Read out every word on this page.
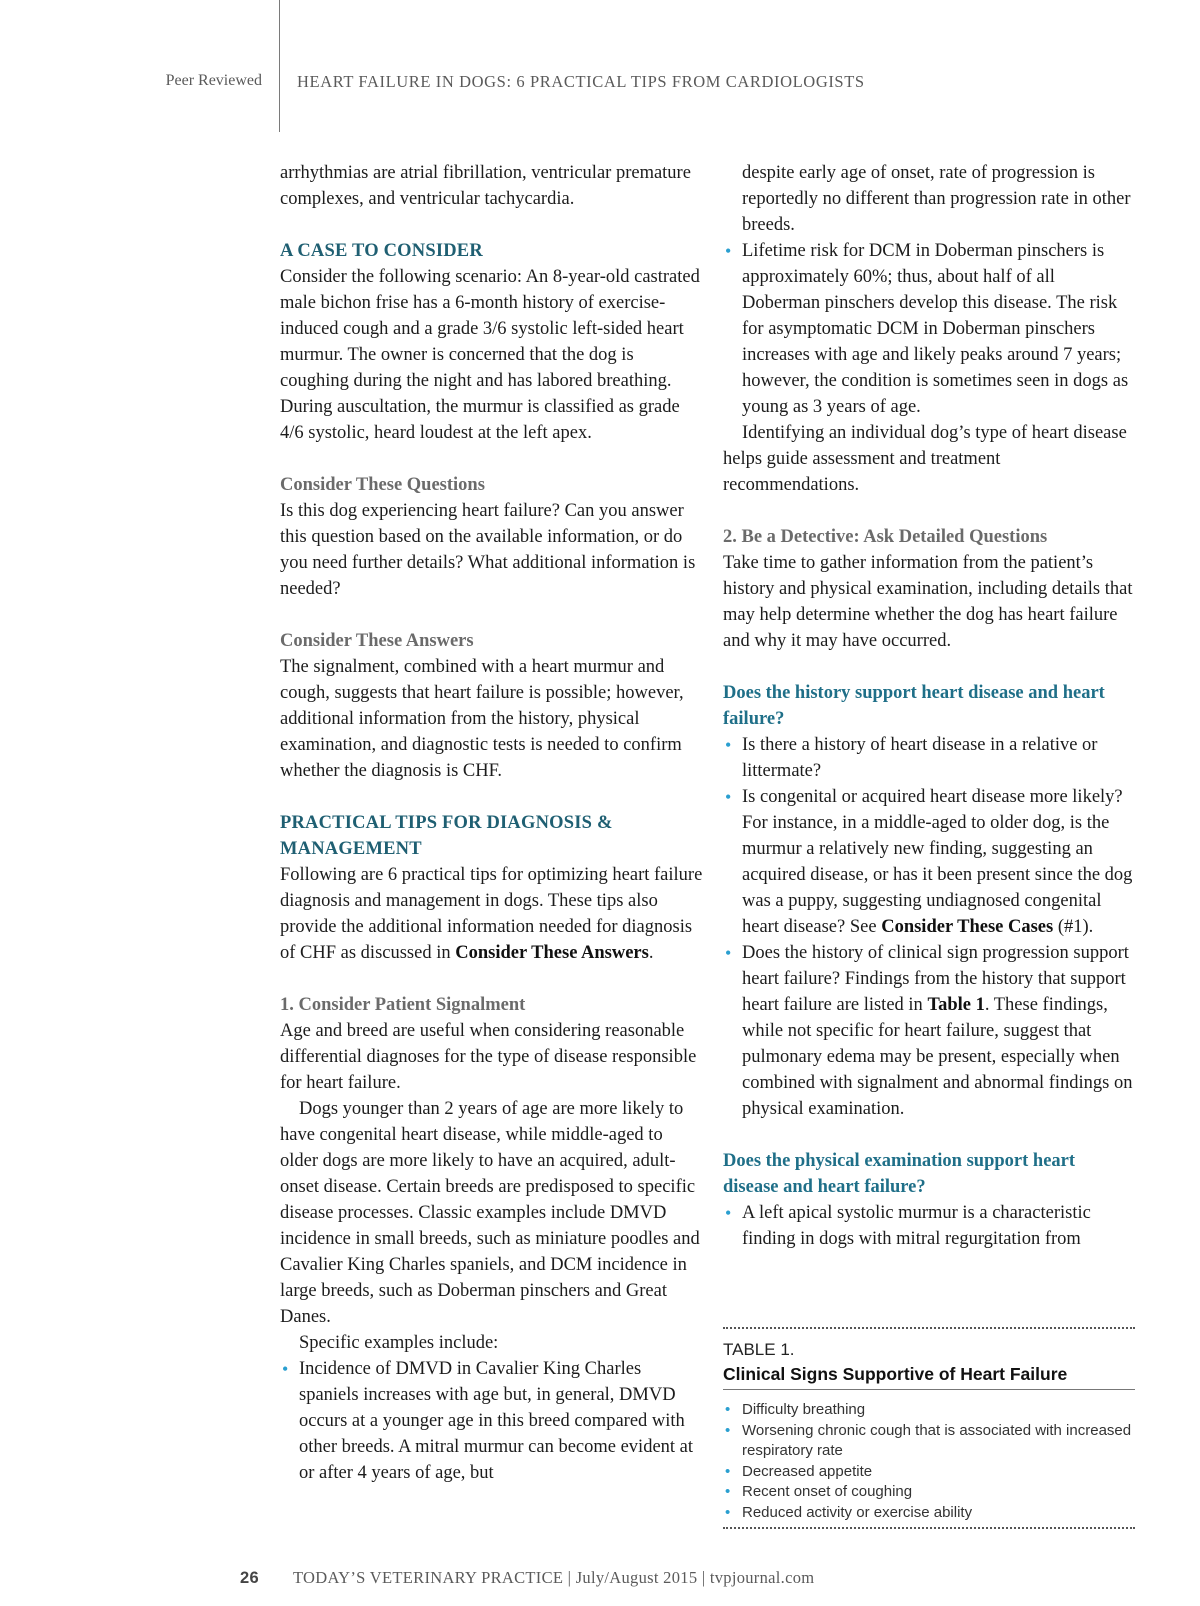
Peer Reviewed HEART FAILURE IN DOGS: 6 PRACTICAL TIPS FROM CARDIOLOGISTS

arrhythmias are atrial fibrillation, ventricular premature complexes, and ventricular tachycardia.

A CASE TO CONSIDER

Consider the following scenario: An 8-year-old castrated male bichon frise has a 6-month history of exercise-induced cough and a grade 3/6 systolic left-sided heart murmur. The owner is concerned that the dog is coughing during the night and has labored breathing. During auscultation, the murmur is classified as grade 4/6 systolic, heard loudest at the left apex.

Consider These Questions

Is this dog experiencing heart failure? Can you answer this question based on the available information, or do you need further details? What additional information is needed?

Consider These Answers

The signalment, combined with a heart murmur and cough, suggests that heart failure is possible; however, additional information from the history, physical examination, and diagnostic tests is needed to confirm whether the diagnosis is CHF.

PRACTICAL TIPS FOR DIAGNOSIS & MANAGEMENT

Following are 6 practical tips for optimizing heart failure diagnosis and management in dogs. These tips also provide the additional information needed for diagnosis of CHF as discussed in Consider These Answers.

1. Consider Patient Signalment

Age and breed are useful when considering reasonable differential diagnoses for the type of disease responsible for heart failure.

Dogs younger than 2 years of age are more likely to have congenital heart disease, while middle-aged to older dogs are more likely to have an acquired, adult-onset disease. Certain breeds are predisposed to specific disease processes. Classic examples include DMVD incidence in small breeds, such as miniature poodles and Cavalier King Charles spaniels, and DCM incidence in large breeds, such as Doberman pinschers and Great Danes.

Specific examples include:

• Incidence of DMVD in Cavalier King Charles spaniels increases with age but, in general, DMVD occurs at a younger age in this breed compared with other breeds. A mitral murmur can become evident at or after 4 years of age, but
despite early age of onset, rate of progression is reportedly no different than progression rate in other breeds.
• Lifetime risk for DCM in Doberman pinschers is approximately 60%; thus, about half of all Doberman pinschers develop this disease. The risk for asymptomatic DCM in Doberman pinschers increases with age and likely peaks around 7 years; however, the condition is sometimes seen in dogs as young as 3 years of age.

Identifying an individual dog’s type of heart disease helps guide assessment and treatment recommendations.

2. Be a Detective: Ask Detailed Questions

Take time to gather information from the patient’s history and physical examination, including details that may help determine whether the dog has heart failure and why it may have occurred.

Does the history support heart disease and heart failure?
• Is there a history of heart disease in a relative or littermate?
• Is congenital or acquired heart disease more likely? For instance, in a middle-aged to older dog, is the murmur a relatively new finding, suggesting an acquired disease, or has it been present since the dog was a puppy, suggesting undiagnosed congenital heart disease? See Consider These Cases (#1).
• Does the history of clinical sign progression support heart failure? Findings from the history that support heart failure are listed in Table 1. These findings, while not specific for heart failure, suggest that pulmonary edema may be present, especially when combined with signalment and abnormal findings on physical examination.
Does the physical examination support heart disease and heart failure?
• A left apical systolic murmur is a characteristic finding in dogs with mitral regurgitation from
TABLE 1.
Clinical Signs Supportive of Heart Failure
• Difficulty breathing
• Worsening chronic cough that is associated with increased respiratory rate
• Decreased appetite
• Recent onset of coughing
• Reduced activity or exercise ability
26 TODAY’S VETERINARY PRACTICE | July/August 2015 | tvpjournal.com
